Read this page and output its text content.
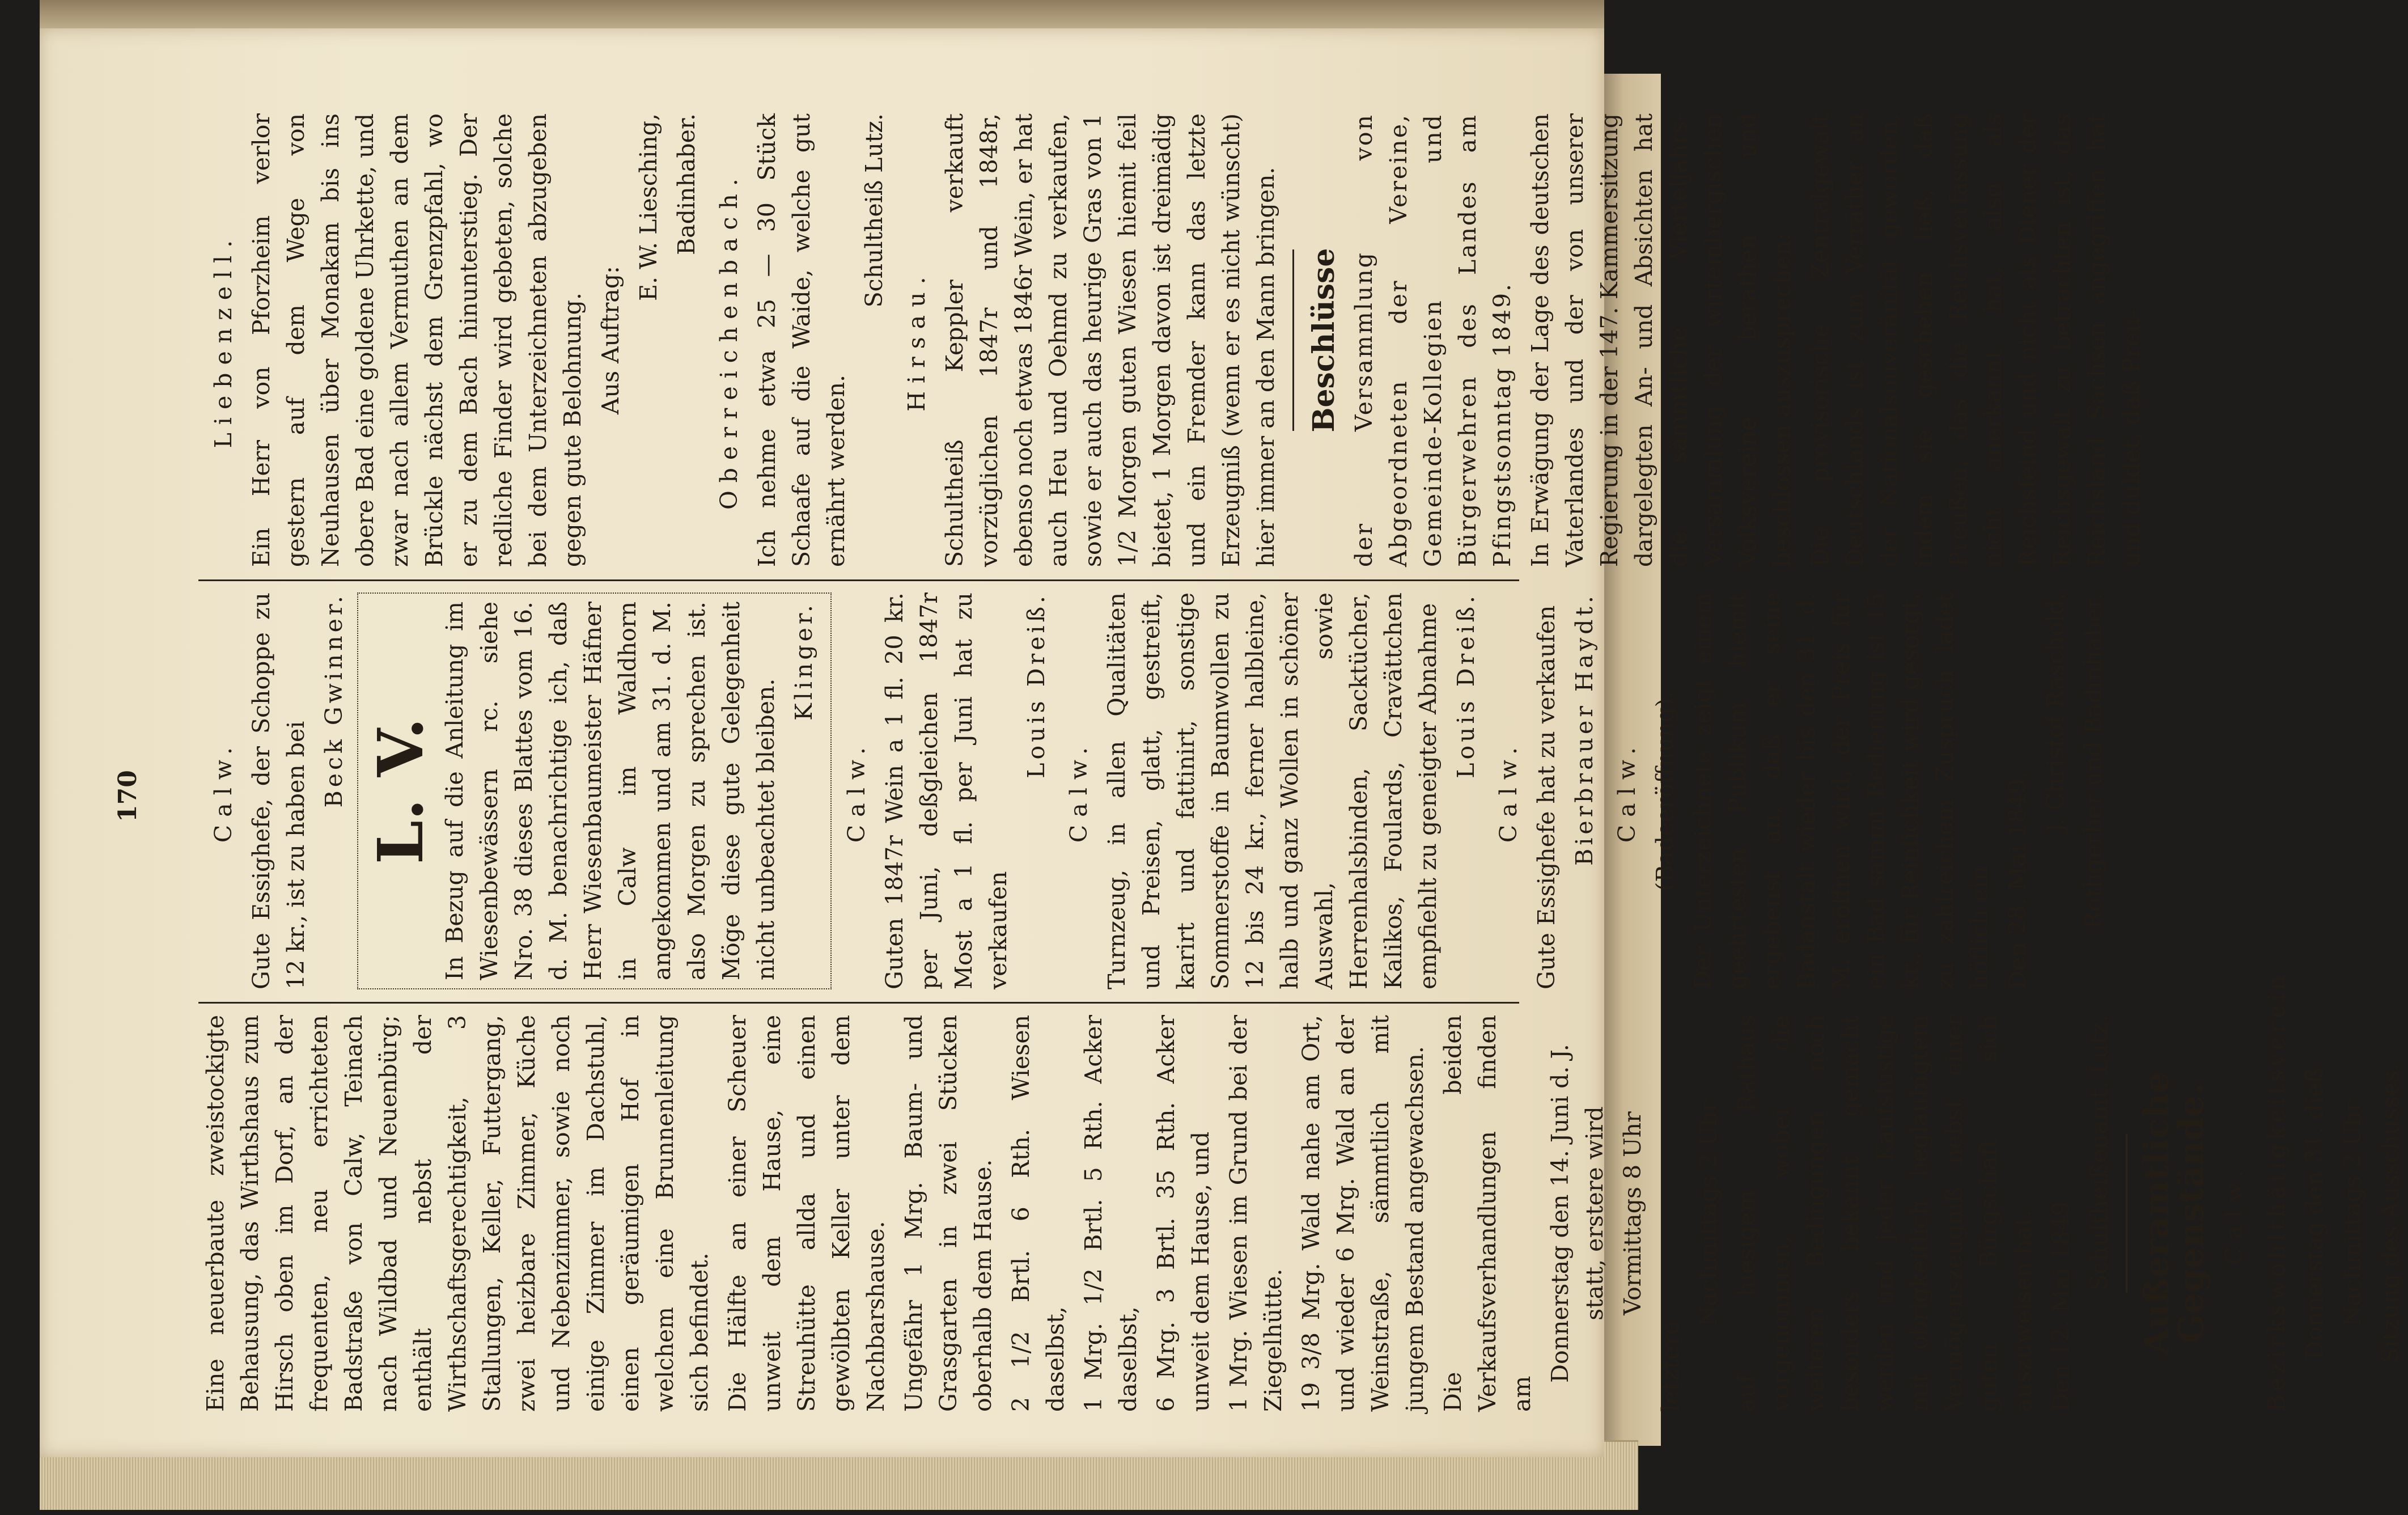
170

Eine neuerbaute zweistockigte Behausung, das Wirthshaus zum Hirsch oben im Dorf, an der frequenten, neu errichteten Badstraße von Calw, Teinach nach Wildbad und Neuenbürg; enthält nebst der Wirthschaftsgerechtigkeit, 3 Stallungen, Keller, Futtergang, zwei heizbare Zimmer, Küche und Nebenzimmer, sowie noch einige Zimmer im Dachstuhl, einen geräumigen Hof in welchem eine Brunnenleitung sich befindet. Die Hälfte an einer Scheuer unweit dem Hause, eine Streuhütte allda und einen gewölbten Keller unter dem Nachbarshause. Ungefähr 1 Mrg. Baum- und Grasgarten in zwei Stücken oberhalb dem Hause. 2 1/2 Brtl. 6 Rth. Wiesen daselbst, 1 Mrg. 1/2 Brtl. 5 Rth. Acker daselbst, 6 Mrg. 3 Brtl. 35 Rth. Acker unweit dem Hause, und 1 Mrg. Wiesen im Grund bei der Ziegelhütte. 19 3/8 Mrg. Wald nahe am Ort, und wieder 6 Mrg. Wald an der Weinstraße, sämmtlich mit jungem Bestand angewachsen. Die beiden Verkaufsverhandlungen finden am

Donnerstag den 14. Juni d. J. statt, erstere wird Vormittags 8 Uhr

letztere

Nachmittags 2 Uhr auf hiesigem Rathaus vorgenommen, wobei die weiteren Bedingungen noch besonders bekannt gemacht werden und jeder Kaufslustige mit obrigkeitlich beglaubigtem Vermögenszeugniß nebst einer guten Bürgschaft sich auszuweisen hat. Den 12. Mai 1849.

Schultheißenamt. Lutz. Außeramtliche Gegenstände. Calw. Bezirkswohlthätigkeitsverein Donnerstag den 31. dieß Nachmittags 2 Uhr Sitzung des Ausschusses.

Calw. Gute Essighefe, der Schoppe zu 12 kr., ist zu haben bei

Beck Gwinner. L. V. In Bezug auf die Anleitung im Wiesenbewässern rc. siehe Nro. 38 dieses Blattes vom 16. d. M. benachrichtige ich, daß Herr Wiesenbaumeister Häfner in Calw im Waldhorn angekommen und am 31. d. M. also Morgen zu sprechen ist. Möge diese gute Gelegenheit nicht unbeachtet bleiben.

Klinger.

Calw. Guten 1847r Wein a 1 fl. 20 kr. per Juni, deßgleichen 1847r Most a 1 fl. per Juni hat zu verkaufen

Louis Dreiß.

Calw. Turnzeug, in allen Qualitäten und Preisen, glatt, gestreift, karirt und fattinirt, sonstige Sommerstoffe in Baumwollen zu 12 bis 24 kr., ferner halbleine, halb und ganz Wollen in schöner Auswahl, sowie Herrenhalsbinden, Sacktücher, Kalikos, Foulards, Cravättchen empfiehlt zu geneigter Abnahme Louis Dreiß.

Calw. Gute Essighefe hat zu verkaufen Bierbrauer Haydt. Calw. (Badeeröffnung). Der Unterzeichnete zeigt einem geehrtesten Publikum hiemit ergebenst an, daß er seine Badanstalt wieder bis den 31. d. M. eröffnen wird, der Preis für ein Bad sammt Bedienung ist 15 kr., für Reinlichkeit wird gesorgt, zu zahlreichem Zuspruch ladet höflich ein Den 28. Mai 1849.

J. Christof Raschold, Rothgerber und Badinhaber.

Liebenzell. Ein Herr von Pforzheim verlor gestern auf dem Wege von Neuhausen über Monakam bis ins obere Bad eine goldene Uhrkette, und zwar nach allem Vermuthen an dem Brückle nächst dem Grenzpfahl, wo er zu dem Bach hinunterstieg. Der redliche Finder wird gebeten, solche bei dem Unterzeichneten abzugeben gegen gute Belohnung. Aus Auftrag:

E. W. Liesching, Badinhaber. Oberreichenbach. Ich nehme etwa 25 — 30 Stück Schaafe auf die Waide, welche gut ernährt werden.

Schultheiß Lutz.

Hirsau. Schultheiß Keppler verkauft vorzüglichen 1847r und 1848r, ebenso noch etwas 1846r Wein, er hat auch Heu und Oehmd zu verkaufen, sowie er auch das heurige Gras von 1 1/2 Morgen guten Wiesen hiemit feil bietet, 1 Morgen davon ist dreimädig und ein Fremder kann das letzte Erzeugniß (wenn er es nicht wünscht) hier immer an den Mann bringen. Beschlüsse der Versammlung von Abgeordneten der Vereine, Gemeinde-Kollegien und Bürgerwehren des Landes am Pfingstsonntag 1849. In Erwägung der Lage des deutschen Vaterlandes und der von unserer Regierung in der 147. Kammersitzung dargelegten An- und Absichten hat die sämmtliche Vierteljahrs-Versammlung der wirtembergischen Volksvereine berathen und beschlossen auszusprechen: Die provisorische Zentralgewalt Deutschlands ist zum Verräther an der Nationalsouveränität geworden, indem sie geschehen ließ, daß Preußen, das die Reichsverfassung nicht anerkannt hat, also als Reichsfeind und nicht als Diener der Reichsgewalt zu betrachten ist, das Reichsland Sachsen angegriffen hat und duldet, daß Preu-
